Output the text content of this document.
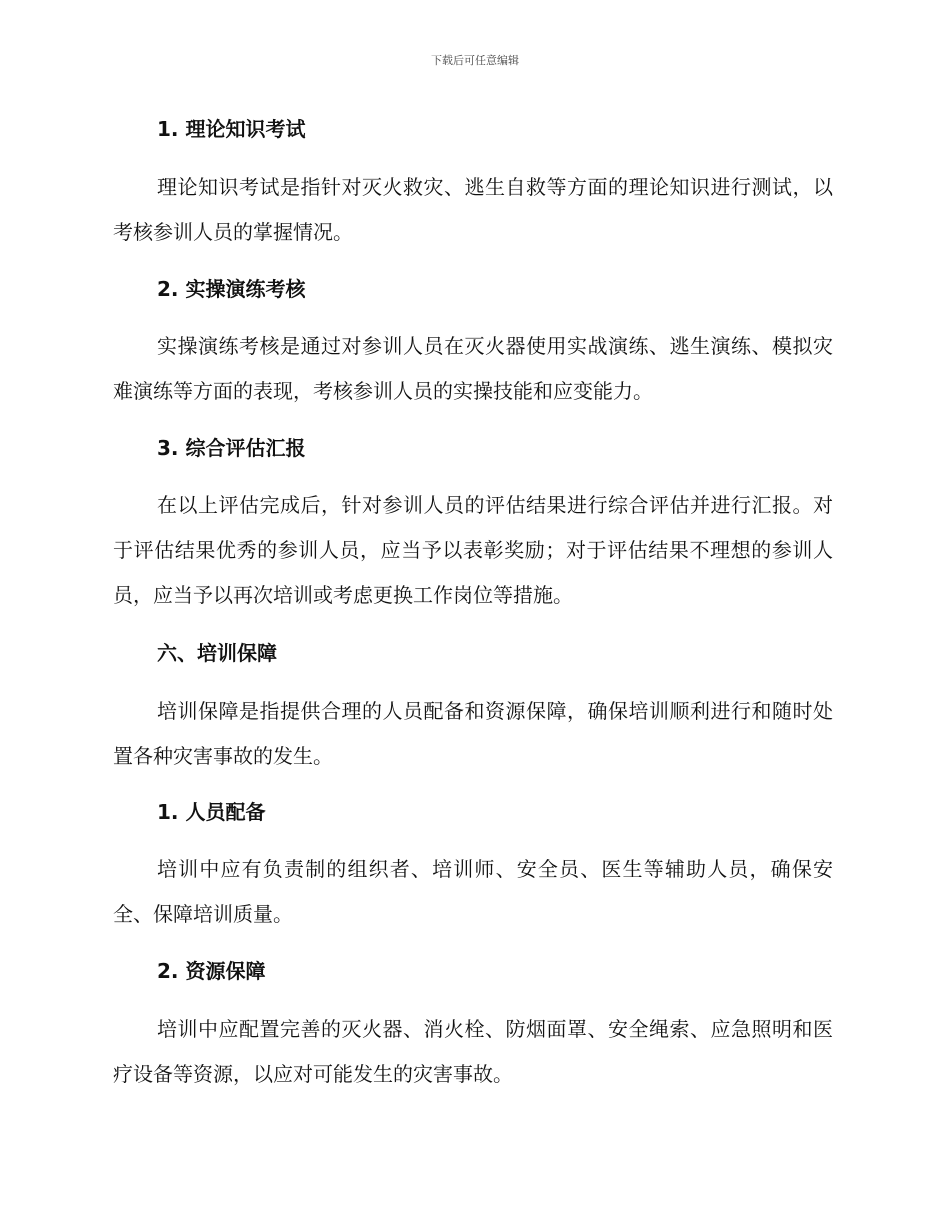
下载后可任意编辑
1. 理论知识考试
理论知识考试是指针对灭火救灾、逃生自救等方面的理论知识进行测试，以考核参训人员的掌握情况。
2. 实操演练考核
实操演练考核是通过对参训人员在灭火器使用实战演练、逃生演练、模拟灾难演练等方面的表现，考核参训人员的实操技能和应变能力。
3. 综合评估汇报
在以上评估完成后，针对参训人员的评估结果进行综合评估并进行汇报。对于评估结果优秀的参训人员，应当予以表彰奖励；对于评估结果不理想的参训人员，应当予以再次培训或考虑更换工作岗位等措施。
六、培训保障
培训保障是指提供合理的人员配备和资源保障，确保培训顺利进行和随时处置各种灾害事故的发生。
1. 人员配备
培训中应有负责制的组织者、培训师、安全员、医生等辅助人员，确保安全、保障培训质量。
2. 资源保障
培训中应配置完善的灭火器、消火栓、防烟面罩、安全绳索、应急照明和医疗设备等资源，以应对可能发生的灾害事故。
